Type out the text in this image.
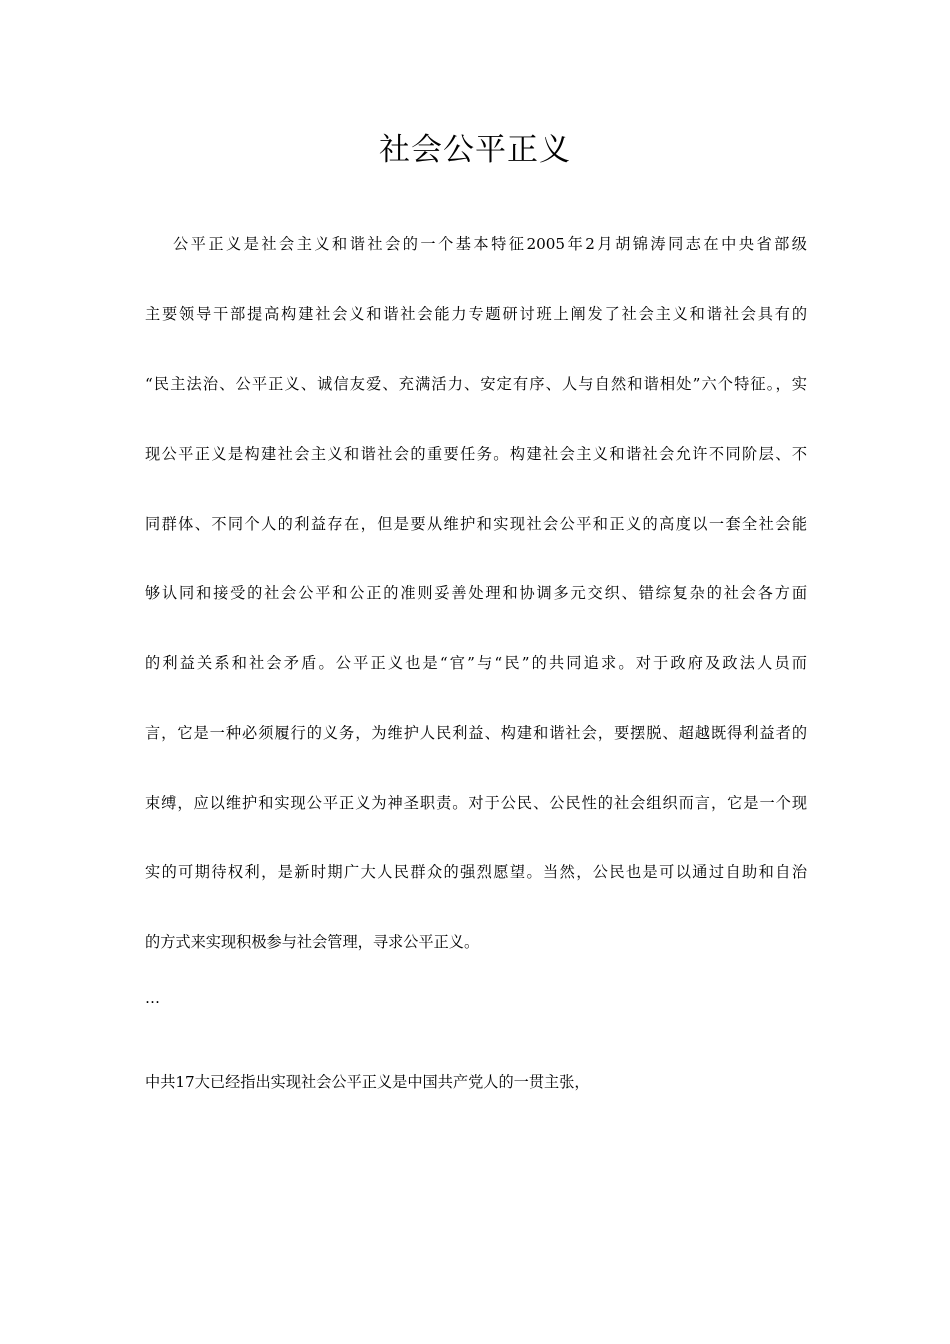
社会公平正义
公平正义是社会主义和谐社会的一个基本特征2005年2月胡锦涛同志在中央省部级
主要领导干部提高构建社会义和谐社会能力专题研讨班上阐发了社会主义和谐社会具有的
“民主法治、公平正义、诚信友爱、充满活力、安定有序、人与自然和谐相处”六个特征。，实
现公平正义是构建社会主义和谐社会的重要任务。构建社会主义和谐社会允许不同阶层、不
同群体、不同个人的利益存在，但是要从维护和实现社会公平和正义的高度以一套全社会能
够认同和接受的社会公平和公正的准则妥善处理和协调多元交织、错综复杂的社会各方面
的利益关系和社会矛盾。公平正义也是“官”与“民”的共同追求。对于政府及政法人员而
言，它是一种必须履行的义务，为维护人民利益、构建和谐社会，要摆脱、超越既得利益者的
束缚，应以维护和实现公平正义为神圣职责。对于公民、公民性的社会组织而言，它是一个现
实的可期待权利，是新时期广大人民群众的强烈愿望。当然，公民也是可以通过自助和自治
的方式来实现积极参与社会管理，寻求公平正义。
…
中共17大已经指出实现社会公平正义是中国共产党人的一贯主张，
